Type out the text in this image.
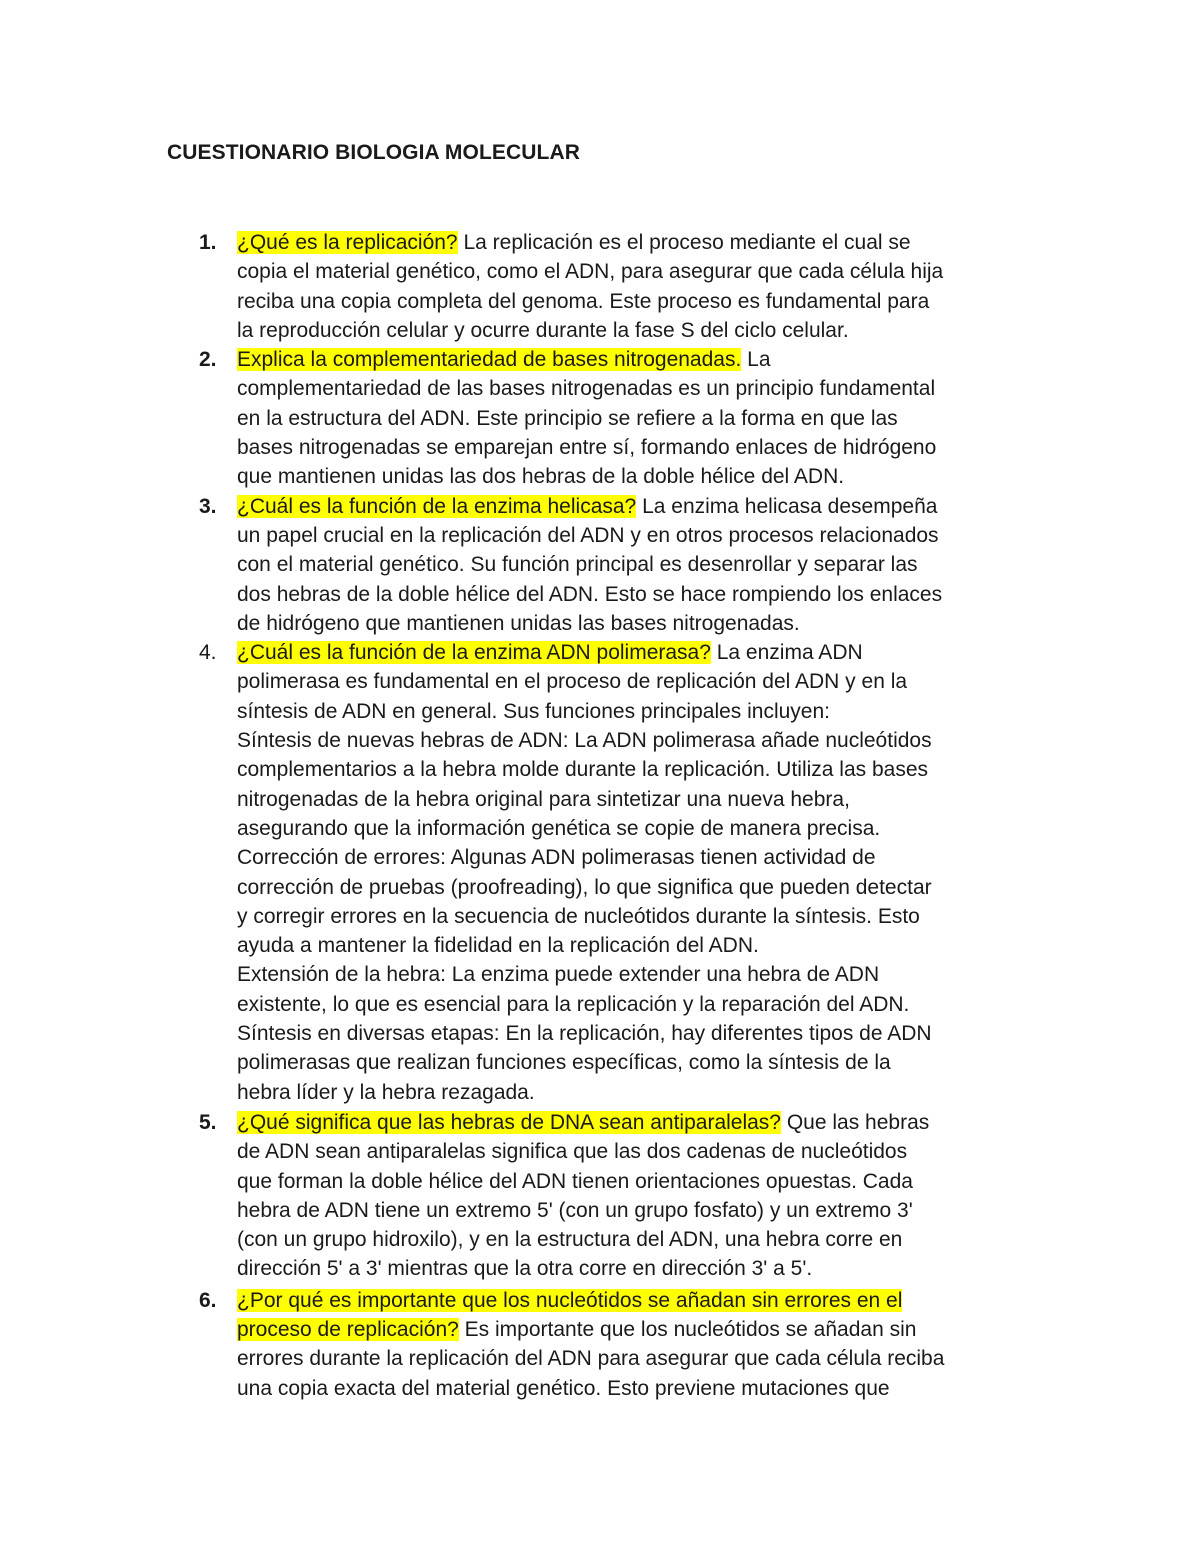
CUESTIONARIO BIOLOGIA MOLECULAR
1. ¿Qué es la replicación? La replicación es el proceso mediante el cual se
copia el material genético, como el ADN, para asegurar que cada célula hija
reciba una copia completa del genoma. Este proceso es fundamental para
la reproducción celular y ocurre durante la fase S del ciclo celular.
2. Explica la complementariedad de bases nitrogenadas. La
complementariedad de las bases nitrogenadas es un principio fundamental
en la estructura del ADN. Este principio se refiere a la forma en que las
bases nitrogenadas se emparejan entre sí, formando enlaces de hidrógeno
que mantienen unidas las dos hebras de la doble hélice del ADN.
3. ¿Cuál es la función de la enzima helicasa? La enzima helicasa desempeña
un papel crucial en la replicación del ADN y en otros procesos relacionados
con el material genético. Su función principal es desenrollar y separar las
dos hebras de la doble hélice del ADN. Esto se hace rompiendo los enlaces
de hidrógeno que mantienen unidas las bases nitrogenadas.
4. ¿Cuál es la función de la enzima ADN polimerasa? La enzima ADN
polimerasa es fundamental en el proceso de replicación del ADN y en la
síntesis de ADN en general. Sus funciones principales incluyen:
Síntesis de nuevas hebras de ADN: La ADN polimerasa añade nucleótidos
complementarios a la hebra molde durante la replicación. Utiliza las bases
nitrogenadas de la hebra original para sintetizar una nueva hebra,
asegurando que la información genética se copie de manera precisa.
Corrección de errores: Algunas ADN polimerasas tienen actividad de
corrección de pruebas (proofreading), lo que significa que pueden detectar
y corregir errores en la secuencia de nucleótidos durante la síntesis. Esto
ayuda a mantener la fidelidad en la replicación del ADN.
Extensión de la hebra: La enzima puede extender una hebra de ADN
existente, lo que es esencial para la replicación y la reparación del ADN.
Síntesis en diversas etapas: En la replicación, hay diferentes tipos de ADN
polimerasas que realizan funciones específicas, como la síntesis de la
hebra líder y la hebra rezagada.
5. ¿Qué significa que las hebras de DNA sean antiparalelas? Que las hebras
de ADN sean antiparalelas significa que las dos cadenas de nucleótidos
que forman la doble hélice del ADN tienen orientaciones opuestas. Cada
hebra de ADN tiene un extremo 5' (con un grupo fosfato) y un extremo 3'
(con un grupo hidroxilo), y en la estructura del ADN, una hebra corre en
dirección 5' a 3' mientras que la otra corre en dirección 3' a 5'.
6. ¿Por qué es importante que los nucleótidos se añadan sin errores en el
proceso de replicación? Es importante que los nucleótidos se añadan sin
errores durante la replicación del ADN para asegurar que cada célula reciba
una copia exacta del material genético. Esto previene mutaciones que
